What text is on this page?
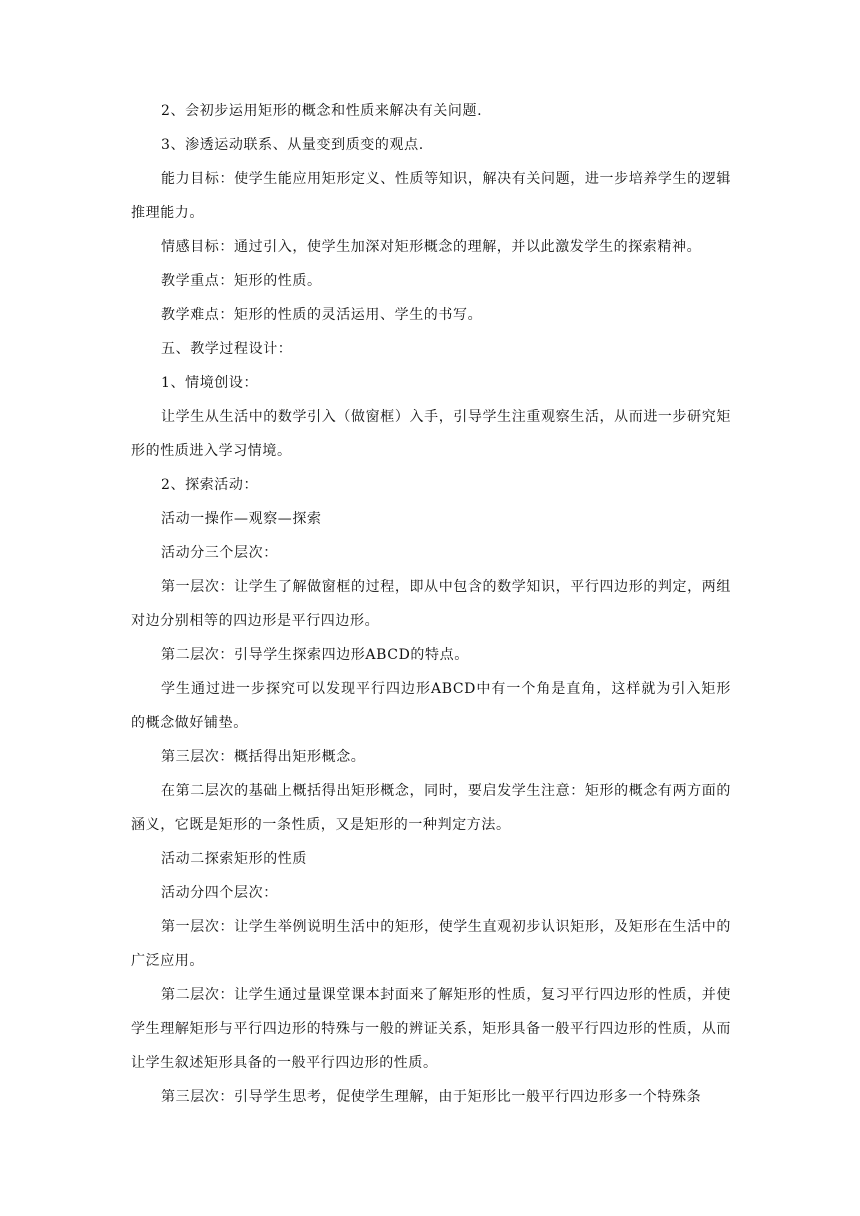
2、会初步运用矩形的概念和性质来解决有关问题.

3、渗透运动联系、从量变到质变的观点.

能力目标：使学生能应用矩形定义、性质等知识，解决有关问题，进一步培养学生的逻辑推理能力。

情感目标：通过引入，使学生加深对矩形概念的理解，并以此激发学生的探索精神。

教学重点：矩形的性质。

教学难点：矩形的性质的灵活运用、学生的书写。

五、教学过程设计：

1、情境创设：

让学生从生活中的数学引入（做窗框）入手，引导学生注重观察生活，从而进一步研究矩形的性质进入学习情境。

2、探索活动：

活动一操作—观察—探索

活动分三个层次：

第一层次：让学生了解做窗框的过程，即从中包含的数学知识，平行四边形的判定，两组对边分别相等的四边形是平行四边形。

第二层次：引导学生探索四边形ABCD的特点。

学生通过进一步探究可以发现平行四边形ABCD中有一个角是直角，这样就为引入矩形的概念做好铺垫。

第三层次：概括得出矩形概念。

在第二层次的基础上概括得出矩形概念，同时，要启发学生注意：矩形的概念有两方面的涵义，它既是矩形的一条性质，又是矩形的一种判定方法。

活动二探索矩形的性质

活动分四个层次：

第一层次：让学生举例说明生活中的矩形，使学生直观初步认识矩形，及矩形在生活中的广泛应用。

第二层次：让学生通过量课堂课本封面来了解矩形的性质，复习平行四边形的性质，并使学生理解矩形与平行四边形的特殊与一般的辨证关系，矩形具备一般平行四边形的性质，从而让学生叙述矩形具备的一般平行四边形的性质。

第三层次：引导学生思考，促使学生理解，由于矩形比一般平行四边形多一个特殊条
